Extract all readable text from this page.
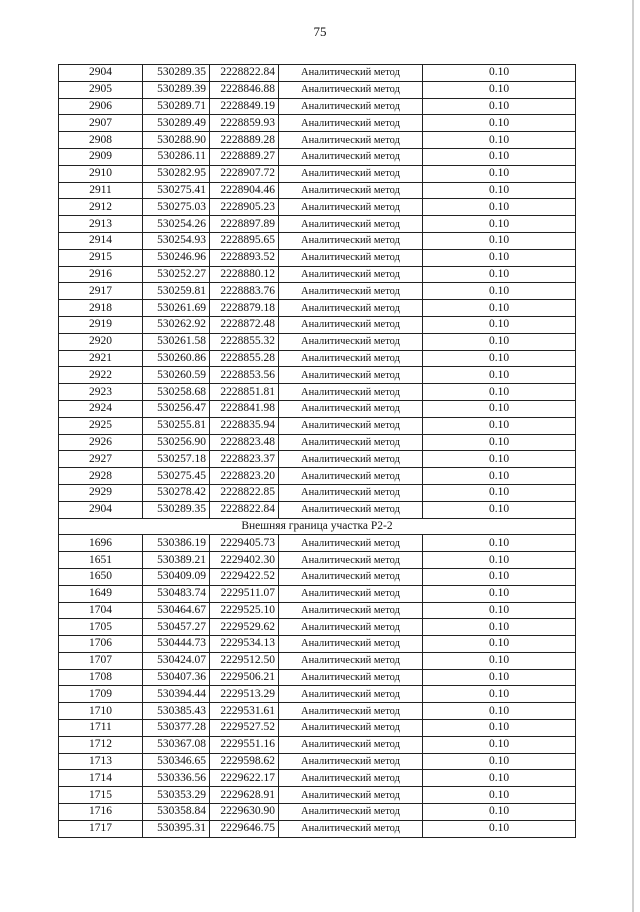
75
2904	530289.35	2228822.84	Аналитический метод	0.10
2905	530289.39	2228846.88	Аналитический метод	0.10
2906	530289.71	2228849.19	Аналитический метод	0.10
2907	530289.49	2228859.93	Аналитический метод	0.10
2908	530288.90	2228889.28	Аналитический метод	0.10
2909	530286.11	2228889.27	Аналитический метод	0.10
2910	530282.95	2228907.72	Аналитический метод	0.10
2911	530275.41	2228904.46	Аналитический метод	0.10
2912	530275.03	2228905.23	Аналитический метод	0.10
2913	530254.26	2228897.89	Аналитический метод	0.10
2914	530254.93	2228895.65	Аналитический метод	0.10
2915	530246.96	2228893.52	Аналитический метод	0.10
2916	530252.27	2228880.12	Аналитический метод	0.10
2917	530259.81	2228883.76	Аналитический метод	0.10
2918	530261.69	2228879.18	Аналитический метод	0.10
2919	530262.92	2228872.48	Аналитический метод	0.10
2920	530261.58	2228855.32	Аналитический метод	0.10
2921	530260.86	2228855.28	Аналитический метод	0.10
2922	530260.59	2228853.56	Аналитический метод	0.10
2923	530258.68	2228851.81	Аналитический метод	0.10
2924	530256.47	2228841.98	Аналитический метод	0.10
2925	530255.81	2228835.94	Аналитический метод	0.10
2926	530256.90	2228823.48	Аналитический метод	0.10
2927	530257.18	2228823.37	Аналитический метод	0.10
2928	530275.45	2228823.20	Аналитический метод	0.10
2929	530278.42	2228822.85	Аналитический метод	0.10
2904	530289.35	2228822.84	Аналитический метод	0.10
Внешняя граница участка Р2-2				
1696	530386.19	2229405.73	Аналитический метод	0.10
1651	530389.21	2229402.30	Аналитический метод	0.10
1650	530409.09	2229422.52	Аналитический метод	0.10
1649	530483.74	2229511.07	Аналитический метод	0.10
1704	530464.67	2229525.10	Аналитический метод	0.10
1705	530457.27	2229529.62	Аналитический метод	0.10
1706	530444.73	2229534.13	Аналитический метод	0.10
1707	530424.07	2229512.50	Аналитический метод	0.10
1708	530407.36	2229506.21	Аналитический метод	0.10
1709	530394.44	2229513.29	Аналитический метод	0.10
1710	530385.43	2229531.61	Аналитический метод	0.10
1711	530377.28	2229527.52	Аналитический метод	0.10
1712	530367.08	2229551.16	Аналитический метод	0.10
1713	530346.65	2229598.62	Аналитический метод	0.10
1714	530336.56	2229622.17	Аналитический метод	0.10
1715	530353.29	2229628.91	Аналитический метод	0.10
1716	530358.84	2229630.90	Аналитический метод	0.10
1717	530395.31	2229646.75	Аналитический метод	0.10
